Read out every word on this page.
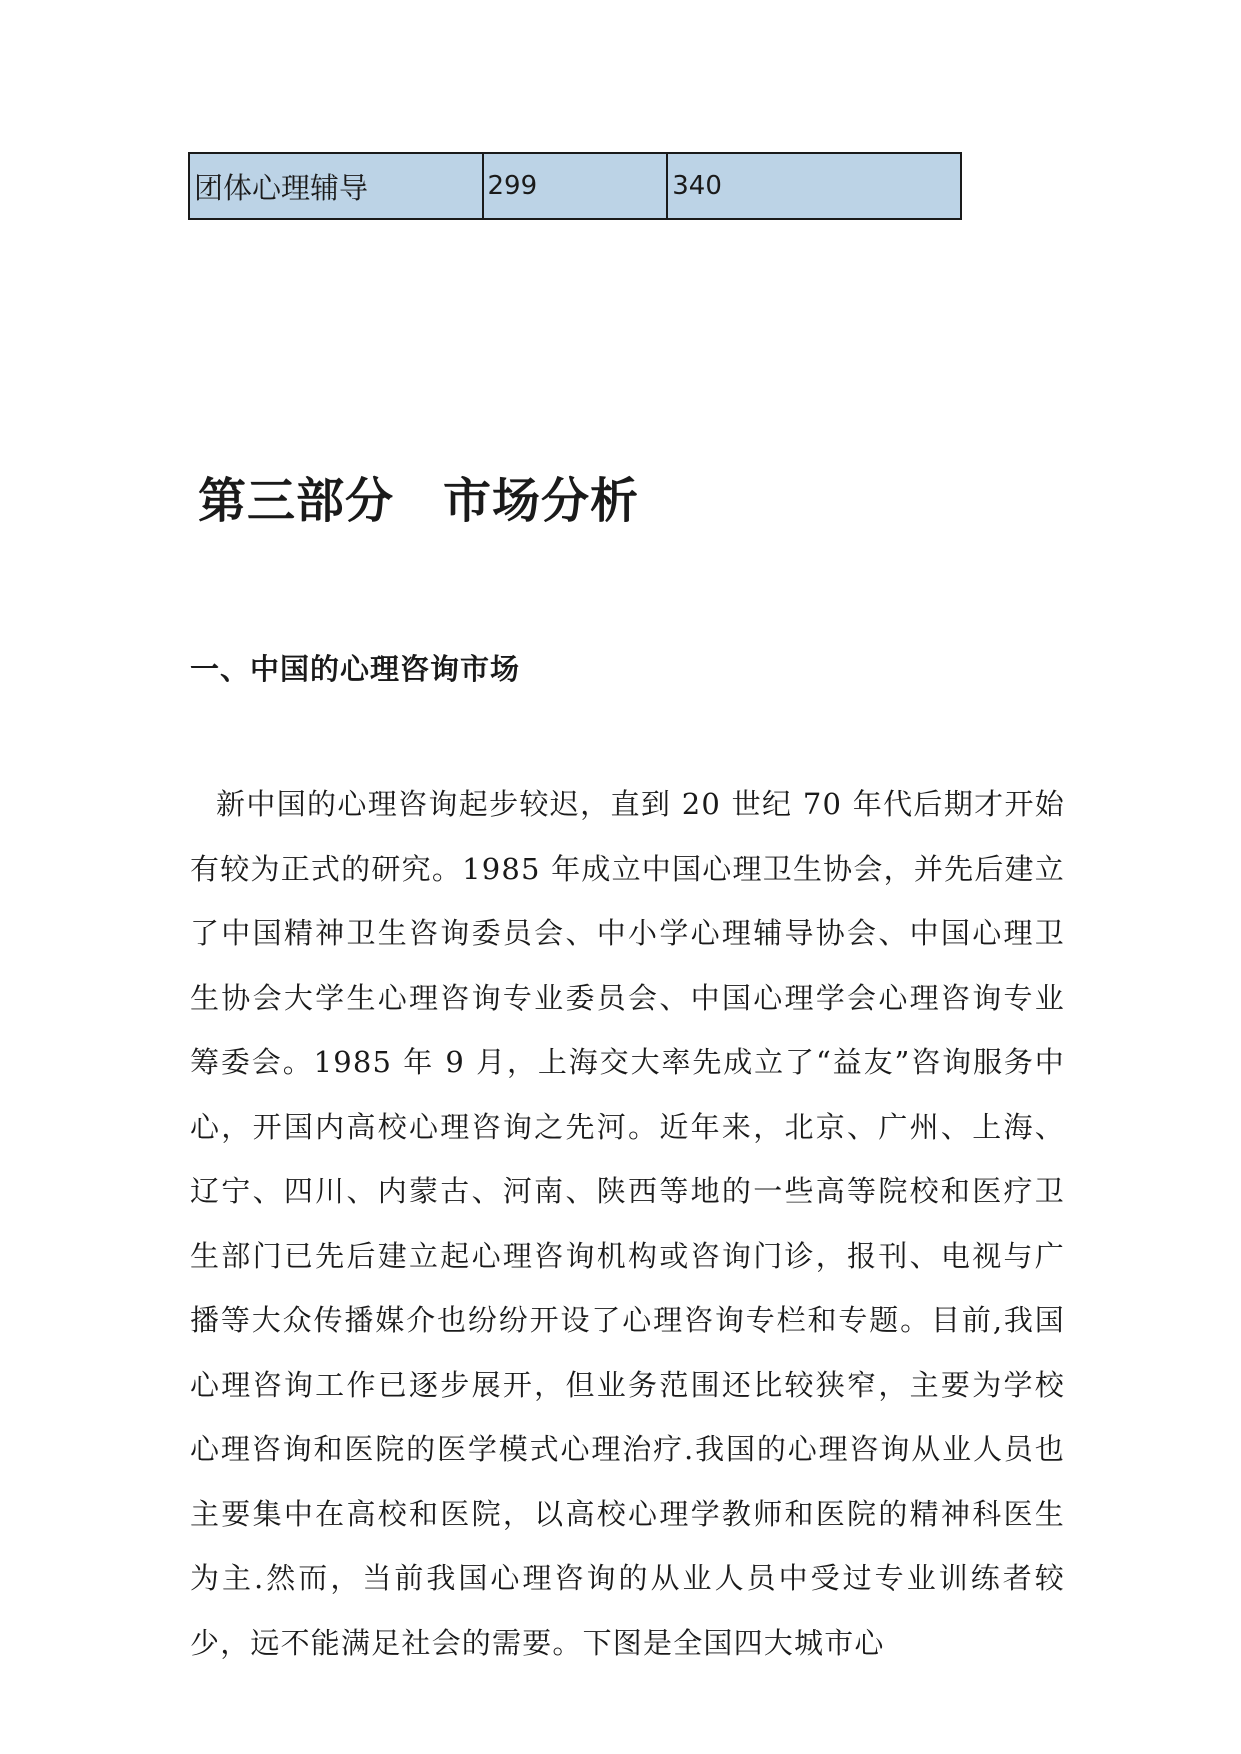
团体心理辅导	299	340
第三部分　市场分析
一、中国的心理咨询市场

新中国的心理咨询起步较迟，直到 20 世纪 70 年代后期才开始有较为正式的研究。1985 年成立中国心理卫生协会，并先后建立了中国精神卫生咨询委员会、中小学心理辅导协会、中国心理卫生协会大学生心理咨询专业委员会、中国心理学会心理咨询专业筹委会。1985 年 9 月，上海交大率先成立了“益友”咨询服务中心，开国内高校心理咨询之先河。近年来，北京、广州、上海、辽宁、四川、内蒙古、河南、陕西等地的一些高等院校和医疗卫生部门已先后建立起心理咨询机构或咨询门诊，报刊、电视与广播等大众传播媒介也纷纷开设了心理咨询专栏和专题。目前,我国心理咨询工作已逐步展开，但业务范围还比较狭窄，主要为学校心理咨询和医院的医学模式心理治疗.我国的心理咨询从业人员也主要集中在高校和医院，以高校心理学教师和医院的精神科医生为主.然而，当前我国心理咨询的从业人员中受过专业训练者较少，远不能满足社会的需要。下图是全国四大城市心
